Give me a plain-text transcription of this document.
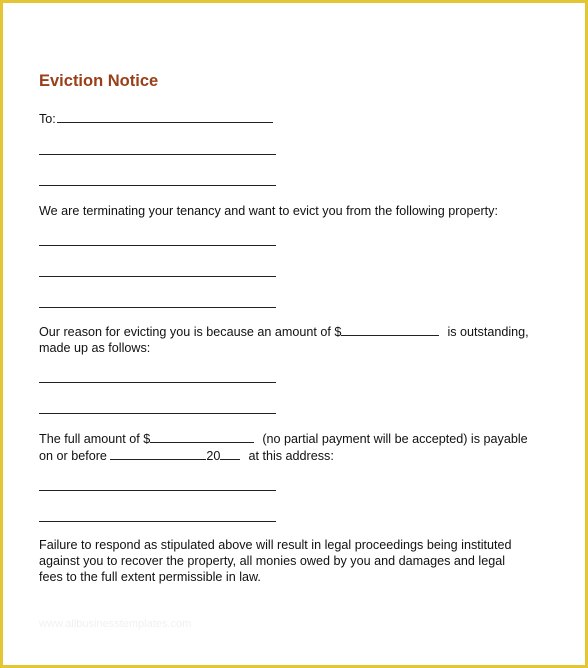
Eviction Notice
To:
We are terminating your tenancy and want to evict you from the following property:
Our reason for evicting you is because an amount of $	is outstanding,
made up as follows:
The full amount of $	(no partial payment will be accepted) is payable
on or before	20 at this address:
Failure to respond as stipulated above will result in legal proceedings being instituted
against you to recover the property, all monies owed by you and damages and legal
fees to the full extent permissible in law.
www.allbusinesstemplates.com
